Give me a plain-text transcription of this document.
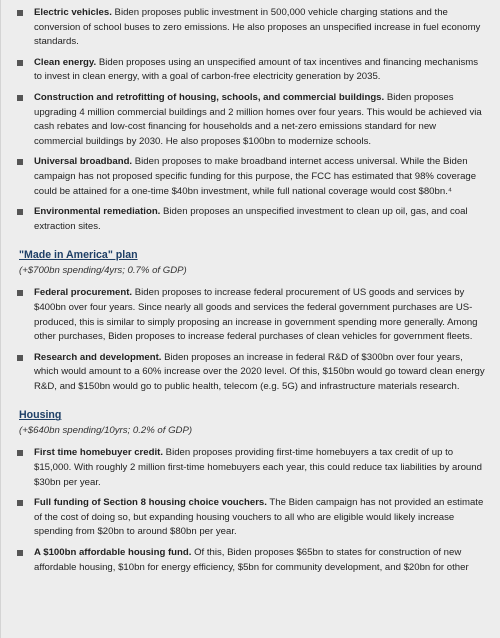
Electric vehicles. Biden proposes public investment in 500,000 vehicle charging stations and the conversion of school buses to zero emissions. He also proposes an unspecified increase in fuel economy standards.
Clean energy. Biden proposes using an unspecified amount of tax incentives and financing mechanisms to invest in clean energy, with a goal of carbon-free electricity generation by 2035.
Construction and retrofitting of housing, schools, and commercial buildings. Biden proposes upgrading 4 million commercial buildings and 2 million homes over four years. This would be achieved via cash rebates and low-cost financing for households and a net-zero emissions standard for new commercial buildings by 2030. He also proposes $100bn to modernize schools.
Universal broadband. Biden proposes to make broadband internet access universal. While the Biden campaign has not proposed specific funding for this purpose, the FCC has estimated that 98% coverage could be attained for a one-time $40bn investment, while full national coverage would cost $80bn.⁴
Environmental remediation. Biden proposes an unspecified investment to clean up oil, gas, and coal extraction sites.
"Made in America" plan
(+$700bn spending/4yrs; 0.7% of GDP)
Federal procurement. Biden proposes to increase federal procurement of US goods and services by $400bn over four years. Since nearly all goods and services the federal government purchases are US-produced, this is similar to simply proposing an increase in government spending more generally. Among other purchases, Biden proposes to increase federal purchases of clean vehicles for government fleets.
Research and development. Biden proposes an increase in federal R&D of $300bn over four years, which would amount to a 60% increase over the 2020 level. Of this, $150bn would go toward clean energy R&D, and $150bn would go to public health, telecom (e.g. 5G) and infrastructure materials research.
Housing
(+$640bn spending/10yrs; 0.2% of GDP)
First time homebuyer credit. Biden proposes providing first-time homebuyers a tax credit of up to $15,000. With roughly 2 million first-time homebuyers each year, this could reduce tax liabilities by around $30bn per year.
Full funding of Section 8 housing choice vouchers. The Biden campaign has not provided an estimate of the cost of doing so, but expanding housing vouchers to all who are eligible would likely increase spending from $20bn to around $80bn per year.
A $100bn affordable housing fund. Of this, Biden proposes $65bn to states for construction of new affordable housing, $10bn for energy efficiency, $5bn for community development, and $20bn for other
